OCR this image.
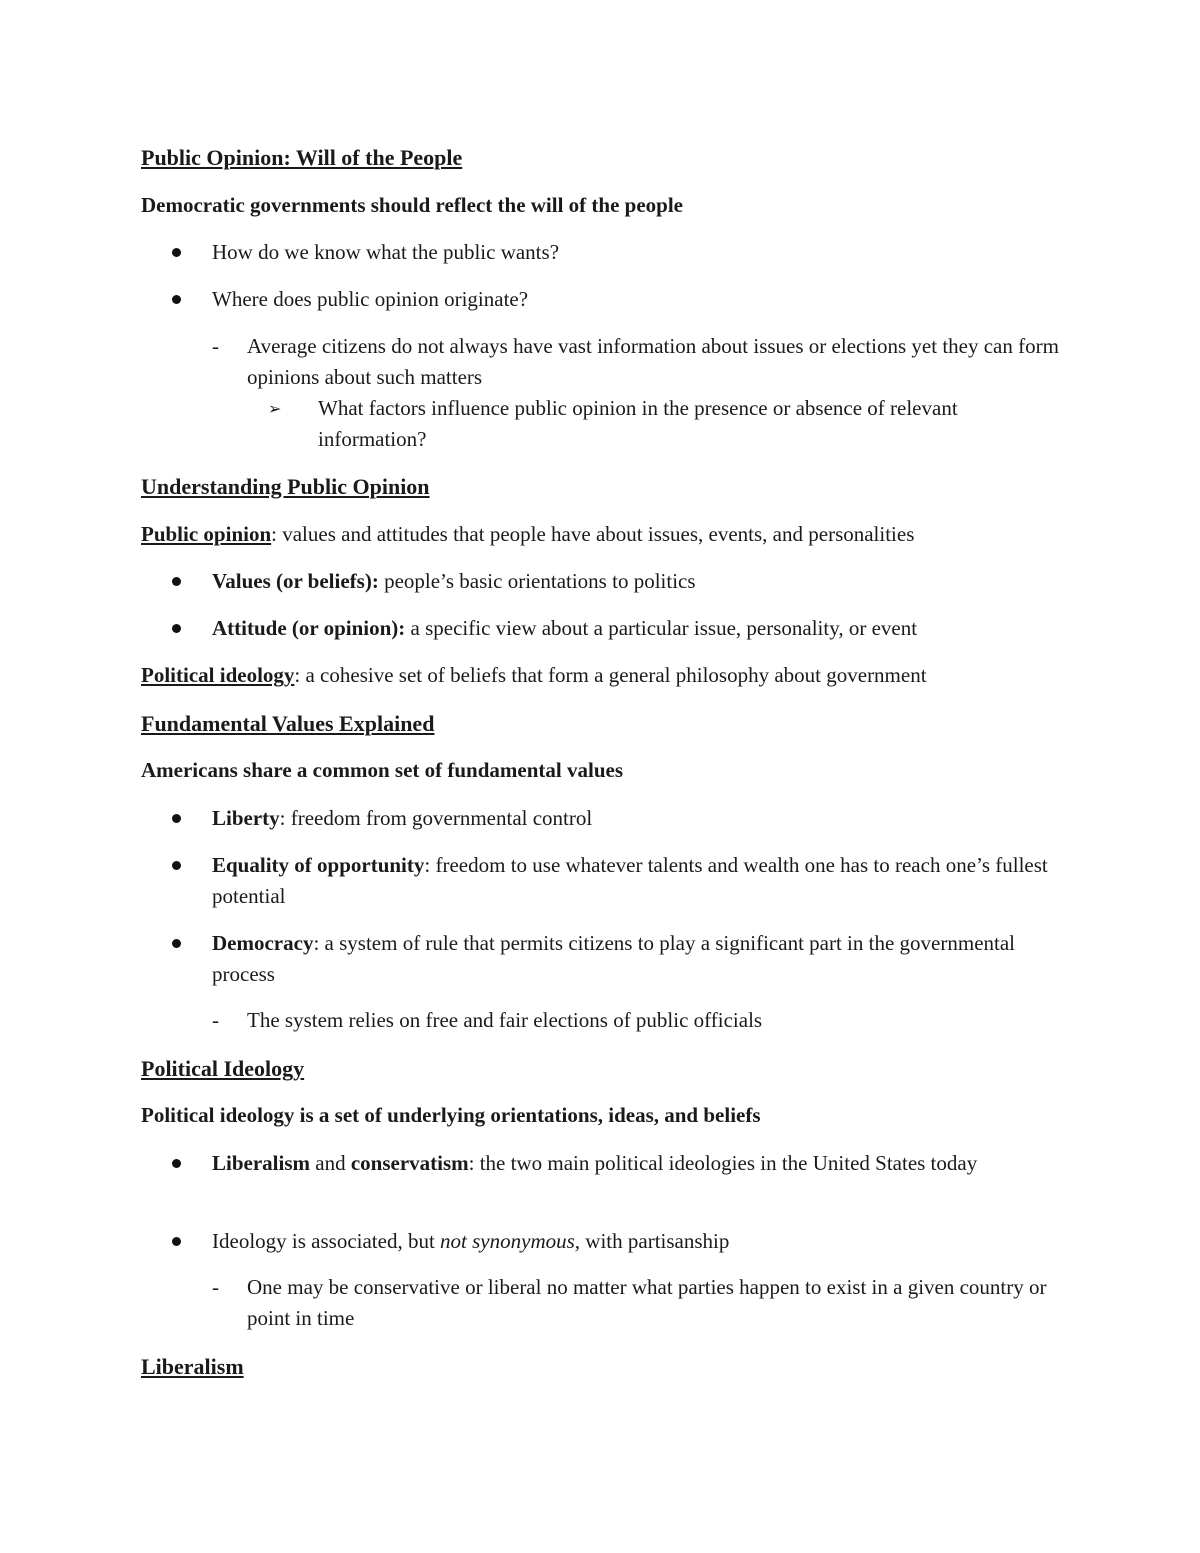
Public Opinion: Will of the People
Democratic governments should reflect the will of the people
How do we know what the public wants?
Where does public opinion originate?
- Average citizens do not always have vast information about issues or elections yet they can form opinions about such matters
➢ What factors influence public opinion in the presence or absence of relevant information?
Understanding Public Opinion
Public opinion: values and attitudes that people have about issues, events, and personalities
Values (or beliefs): people’s basic orientations to politics
Attitude (or opinion): a specific view about a particular issue, personality, or event
Political ideology: a cohesive set of beliefs that form a general philosophy about government
Fundamental Values Explained
Americans share a common set of fundamental values
Liberty: freedom from governmental control
Equality of opportunity: freedom to use whatever talents and wealth one has to reach one’s fullest potential
Democracy: a system of rule that permits citizens to play a significant part in the governmental process
- The system relies on free and fair elections of public officials
Political Ideology
Political ideology is a set of underlying orientations, ideas, and beliefs
Liberalism and conservatism: the two main political ideologies in the United States today
Ideology is associated, but not synonymous, with partisanship
- One may be conservative or liberal no matter what parties happen to exist in a given country or point in time
Liberalism
